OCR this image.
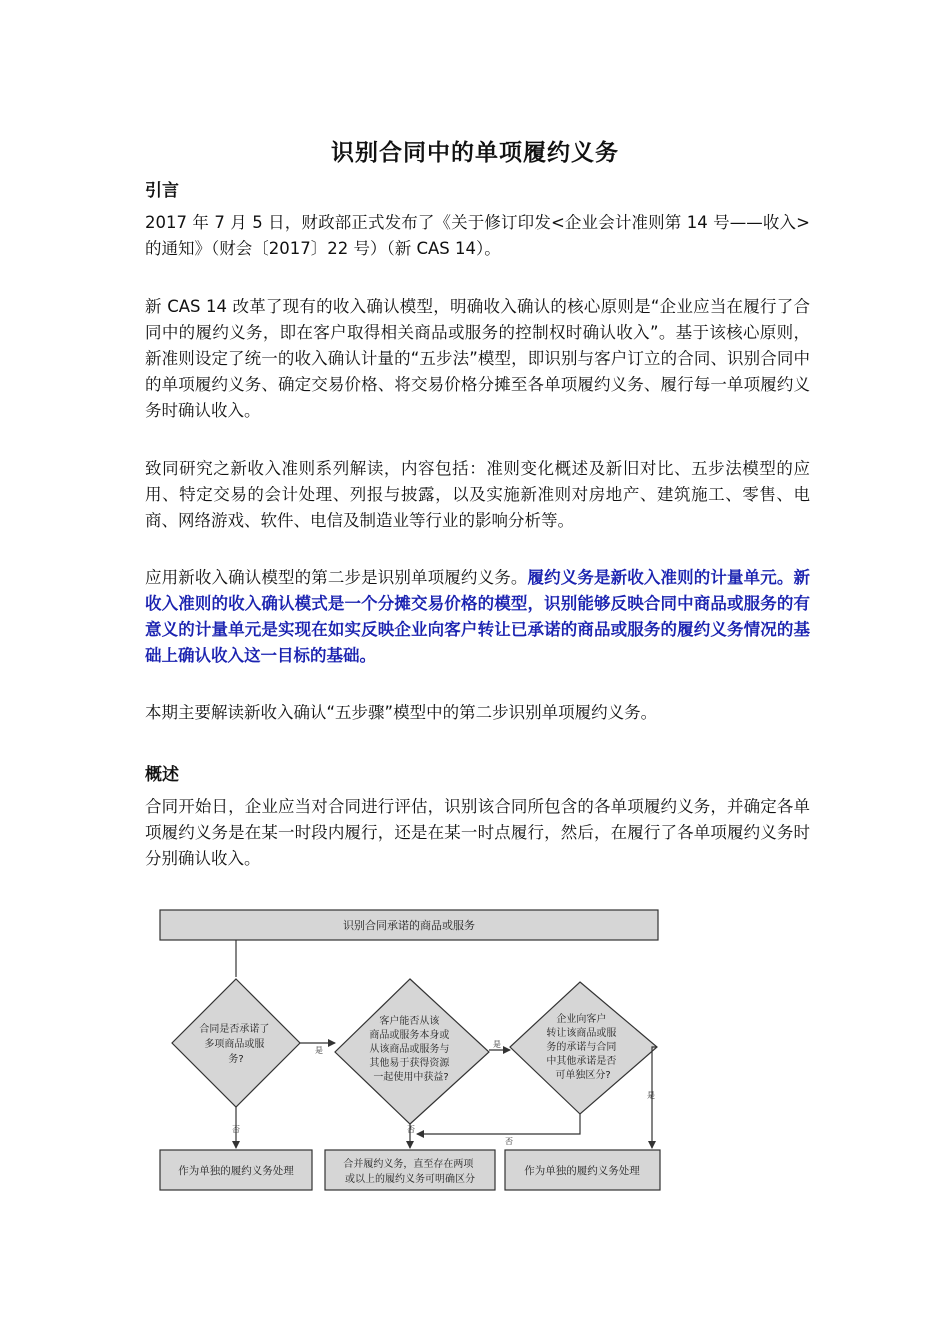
识别合同中的单项履约义务
引言

2017 年 7 月 5 日，财政部正式发布了《关于修订印发<企业会计准则第 14 号——收入>的通知》（财会〔2017〕22 号）（新 CAS 14）。

新 CAS 14 改革了现有的收入确认模型，明确收入确认的核心原则是“企业应当在履行了合同中的履约义务，即在客户取得相关商品或服务的控制权时确认收入”。基于该核心原则，新准则设定了统一的收入确认计量的“五步法”模型，即识别与客户订立的合同、识别合同中的单项履约义务、确定交易价格、将交易价格分摊至各单项履约义务、履行每一单项履约义务时确认收入。

致同研究之新收入准则系列解读，内容包括：准则变化概述及新旧对比、五步法模型的应用、特定交易的会计处理、列报与披露，以及实施新准则对房地产、建筑施工、零售、电商、网络游戏、软件、电信及制造业等行业的影响分析等。

应用新收入确认模型的第二步是识别单项履约义务。履约义务是新收入准则的计量单元。新收入准则的收入确认模式是一个分摊交易价格的模型，识别能够反映合同中商品或服务的有意义的计量单元是实现在如实反映企业向客户转让已承诺的商品或服务的履约义务情况的基础上确认收入这一目标的基础。

本期主要解读新收入确认“五步骤”模型中的第二步识别单项履约义务。

概述

合同开始日，企业应当对合同进行评估，识别该合同所包含的各单项履约义务，并确定各单项履约义务是在某一时段内履行，还是在某一时点履行，然后，在履行了各单项履约义务时分别确认收入。

识别合同承诺的商品或服务
合同是否承诺了 多项商品或服 务?
是
否
客户能否从该 商品或服务本身或 从该商品或服务与 其他易于获得资源 一起使用中获益?
是
否
企业向客户 转让该商品或服 务的承诺与合同 中其他承诺是否 可单独区分?
否
是
作为单独的履约义务处理
合并履约义务，直至存在两项 或以上的履约义务可明确区分
作为单独的履约义务处理
